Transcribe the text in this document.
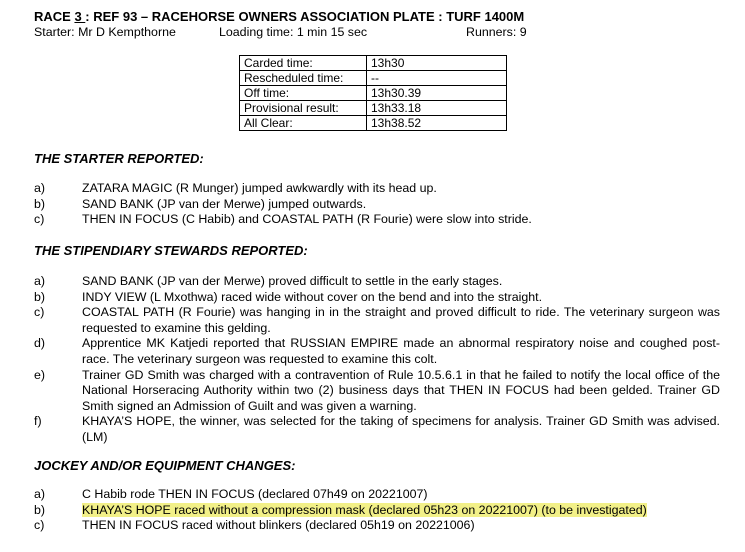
RACE 3 : REF 93 – RACEHORSE OWNERS ASSOCIATION PLATE : TURF 1400M
Starter: Mr D Kempthorne	Loading time: 1 min 15 sec	Runners: 9
Carded time:	13h30
Rescheduled time:	--
Off time:	13h30.39
Provisional result:	13h33.18
All Clear:	13h38.52
THE STARTER REPORTED:
a)	ZATARA MAGIC (R Munger) jumped awkwardly with its head up.
b)	SAND BANK (JP van der Merwe) jumped outwards.
c)	THEN IN FOCUS (C Habib) and COASTAL PATH (R Fourie) were slow into stride.
THE STIPENDIARY STEWARDS REPORTED:
a)	SAND BANK (JP van der Merwe) proved difficult to settle in the early stages.
b)	INDY VIEW (L Mxothwa) raced wide without cover on the bend and into the straight.
c)	COASTAL PATH (R Fourie) was hanging in in the straight and proved difficult to ride. The veterinary surgeon was requested to examine this gelding.
d)	Apprentice MK Katjedi reported that RUSSIAN EMPIRE made an abnormal respiratory noise and coughed post-race. The veterinary surgeon was requested to examine this colt.
e)	Trainer GD Smith was charged with a contravention of Rule 10.5.6.1 in that he failed to notify the local office of the National Horseracing Authority within two (2) business days that THEN IN FOCUS had been gelded. Trainer GD Smith signed an Admission of Guilt and was given a warning.
f)	KHAYA’S HOPE, the winner, was selected for the taking of specimens for analysis. Trainer GD Smith was advised. (LM)
JOCKEY AND/OR EQUIPMENT CHANGES:
a)	C Habib rode THEN IN FOCUS (declared 07h49 on 20221007)
b)	KHAYA’S HOPE raced without a compression mask (declared 05h23 on 20221007) (to be investigated)
c)	THEN IN FOCUS raced without blinkers (declared 05h19 on 20221006)
